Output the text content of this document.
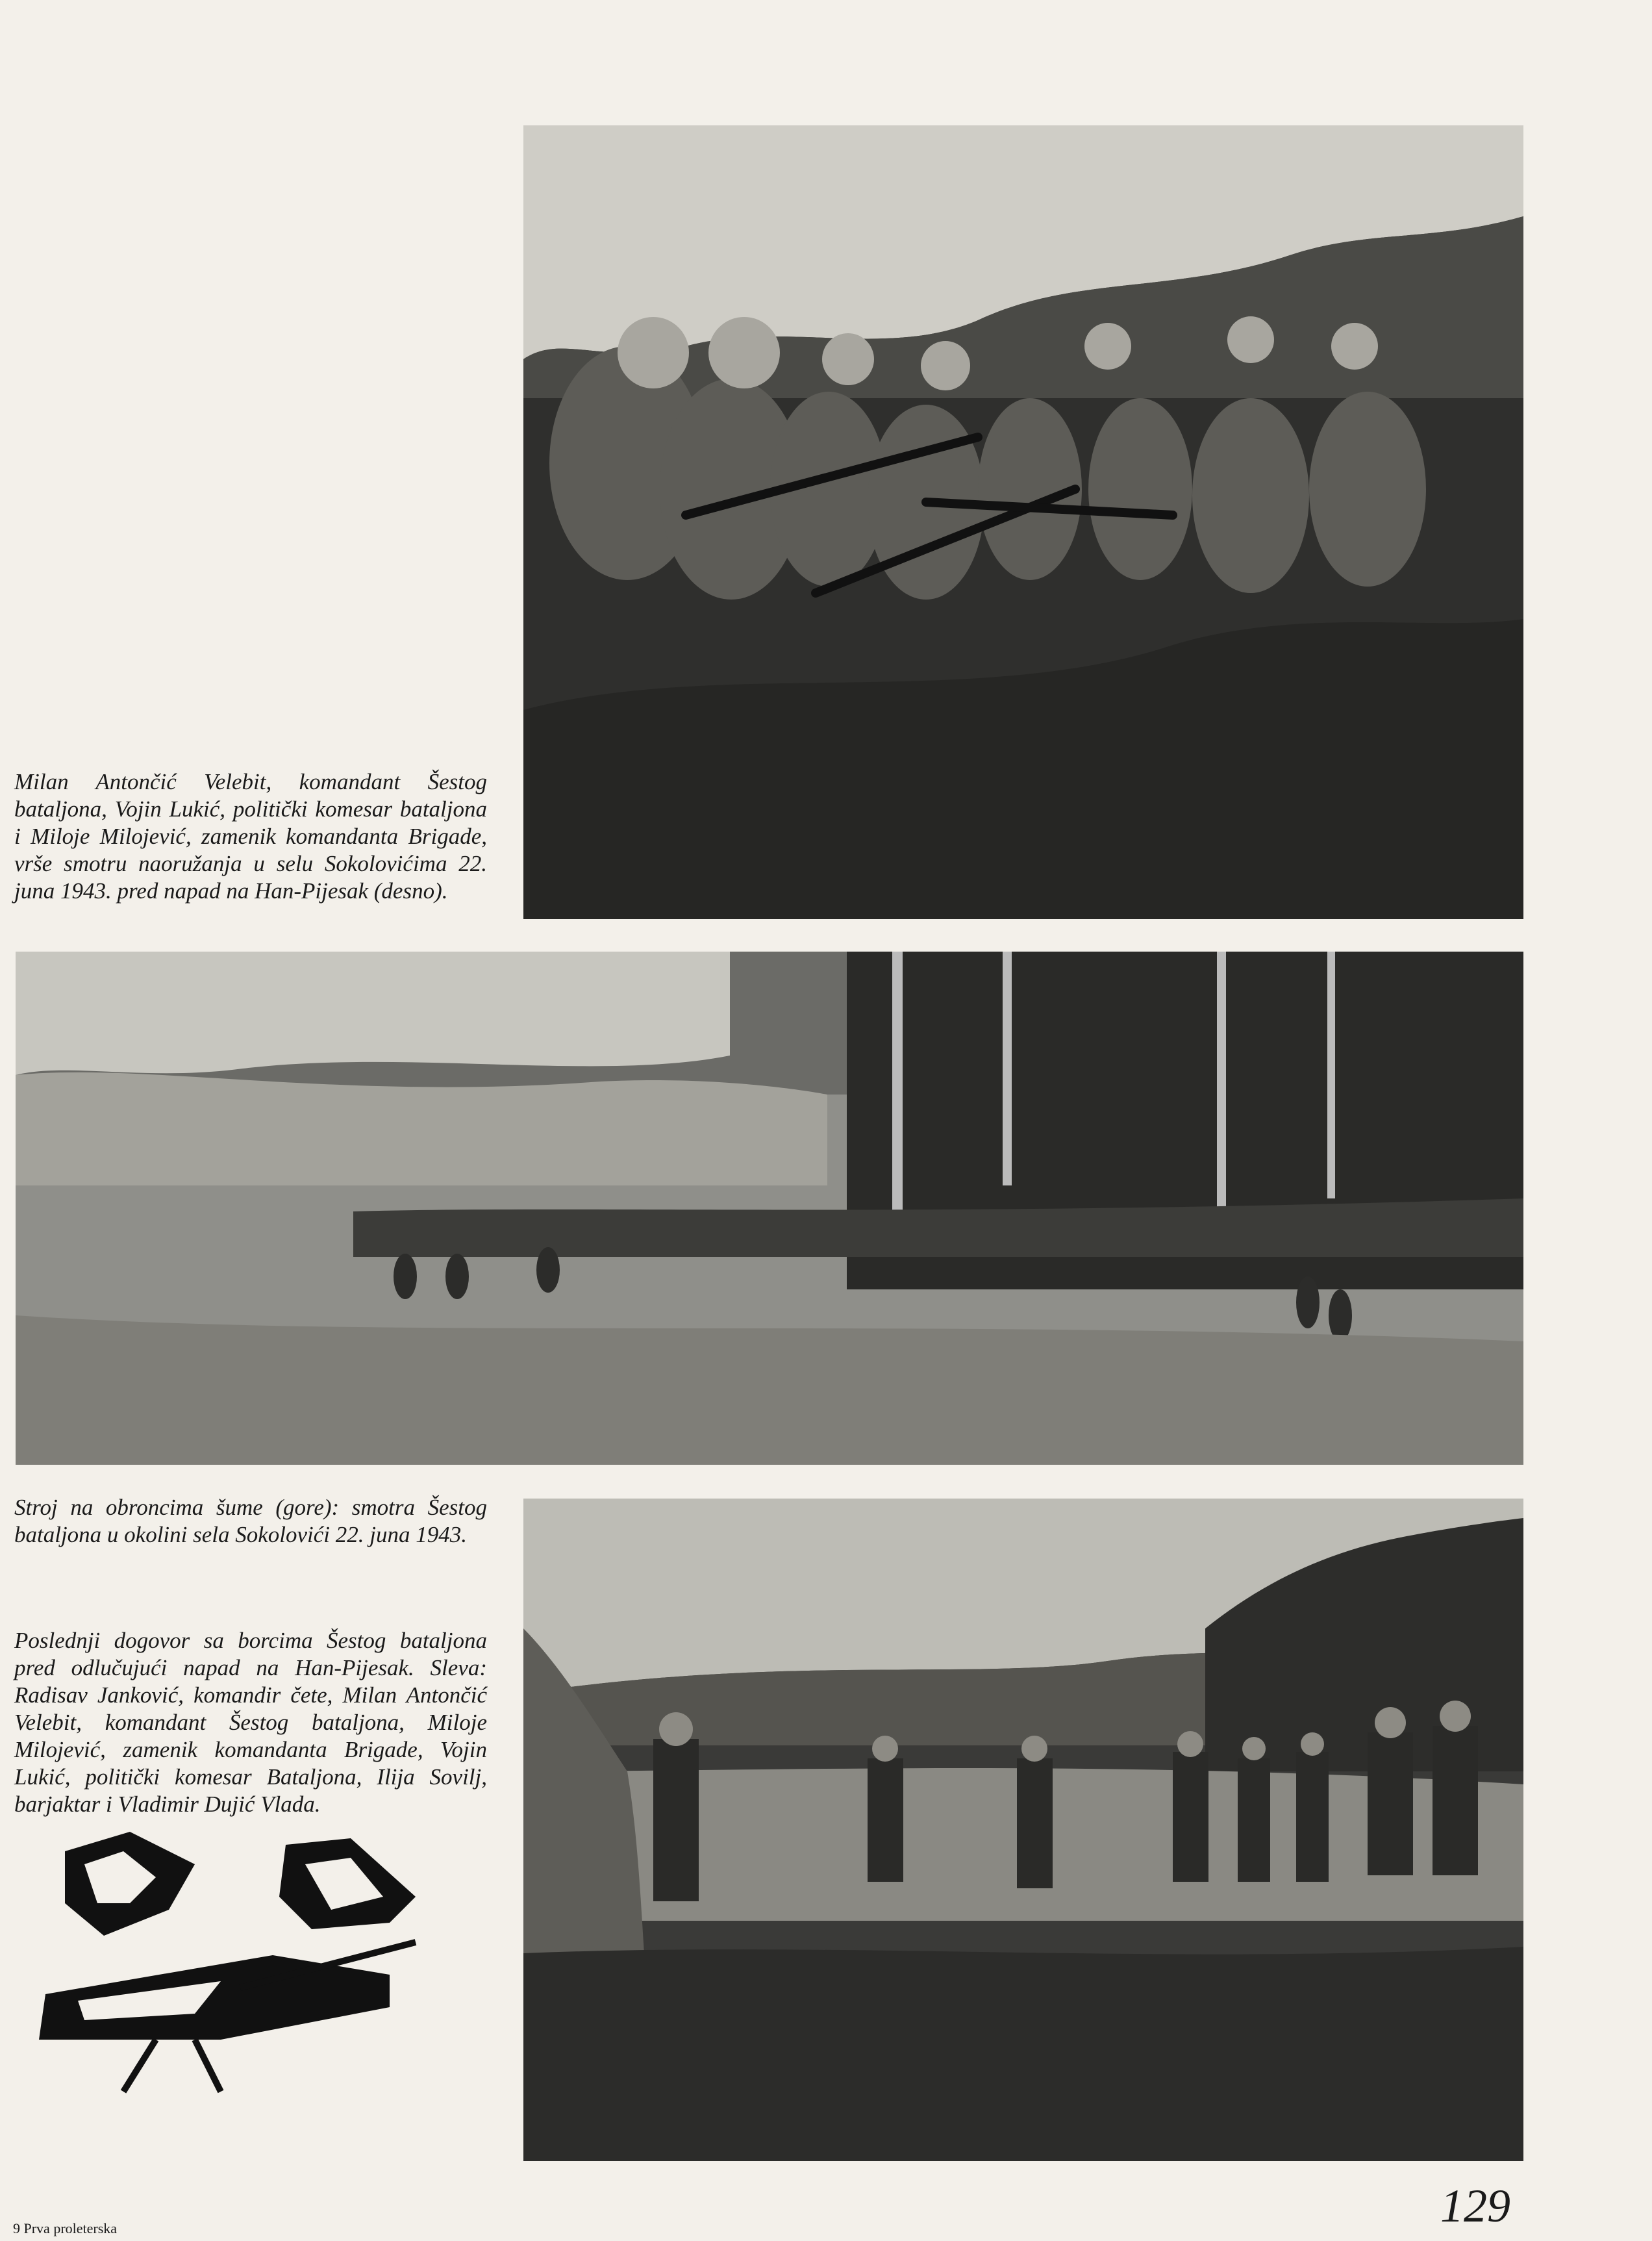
Milan Antončić Velebit, komandant Šestog bataljona, Vojin Lukić, politički komesar bataljona i Miloje Milojević, zamenik komandanta Brigade, vrše smotru naoružanja u selu Sokolovićima 22. juna 1943. pred napad na Han-Pijesak (desno).

Stroj na obroncima šume (gore): smotra Šestog bataljona u okolini sela Sokolovići 22. juna 1943.

Poslednji dogovor sa borcima Šestog bataljona pred odlučujući napad na Han-Pijesak. Sleva: Radisav Janković, komandir čete, Milan Antončić Velebit, komandant Šestog bataljona, Miloje Milojević, zamenik komandanta Brigade, Vojin Lukić, politički komesar Bataljona, Ilija Sovilj, barjaktar i Vladimir Dujić Vlada.

9 Prva proleterska	129
